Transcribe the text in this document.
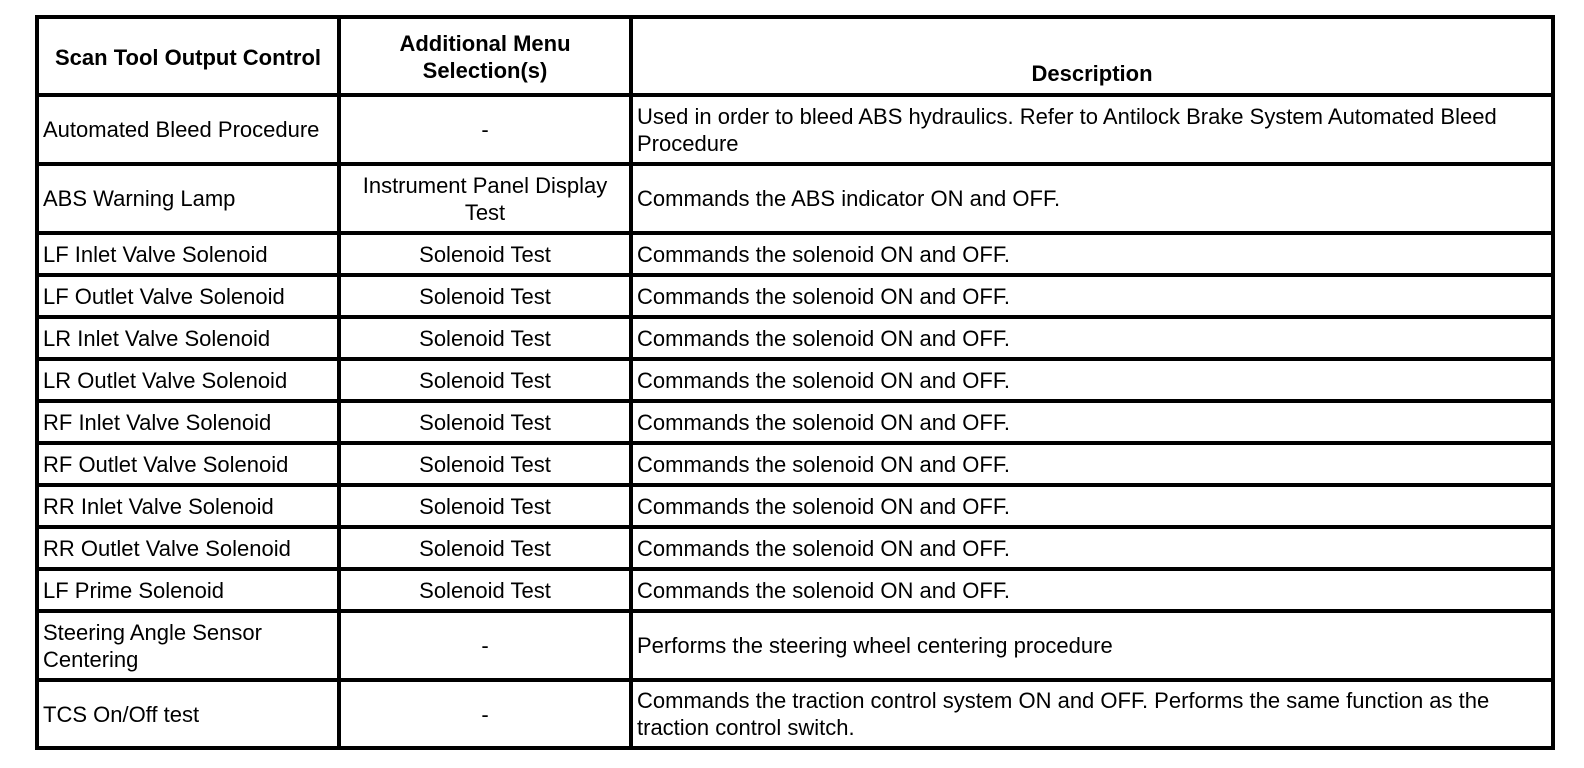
Scan Tool Output Control	Additional Menu Selection(s)	Description
Automated Bleed Procedure	-	Used in order to bleed ABS hydraulics. Refer to Antilock Brake System Automated Bleed Procedure
ABS Warning Lamp	Instrument Panel Display Test	Commands the ABS indicator ON and OFF.
LF Inlet Valve Solenoid	Solenoid Test	Commands the solenoid ON and OFF.
LF Outlet Valve Solenoid	Solenoid Test	Commands the solenoid ON and OFF.
LR Inlet Valve Solenoid	Solenoid Test	Commands the solenoid ON and OFF.
LR Outlet Valve Solenoid	Solenoid Test	Commands the solenoid ON and OFF.
RF Inlet Valve Solenoid	Solenoid Test	Commands the solenoid ON and OFF.
RF Outlet Valve Solenoid	Solenoid Test	Commands the solenoid ON and OFF.
RR Inlet Valve Solenoid	Solenoid Test	Commands the solenoid ON and OFF.
RR Outlet Valve Solenoid	Solenoid Test	Commands the solenoid ON and OFF.
LF Prime Solenoid	Solenoid Test	Commands the solenoid ON and OFF.
Steering Angle Sensor Centering	-	Performs the steering wheel centering procedure
TCS On/Off test	-	Commands the traction control system ON and OFF. Performs the same function as the traction control switch.
